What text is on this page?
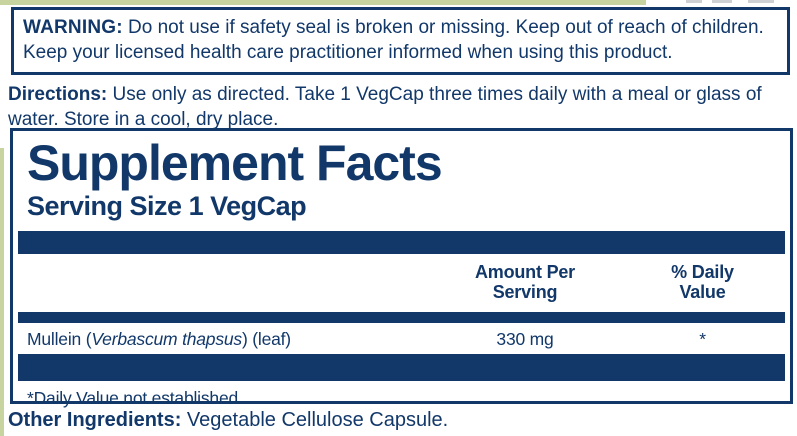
WARNING: Do not use if safety seal is broken or missing. Keep out of reach of children. Keep your licensed health care practitioner informed when using this product.
Directions: Use only as directed. Take 1 VegCap three times daily with a meal or glass of water. Store in a cool, dry place.
Supplement Facts
Serving Size 1 VegCap
Amount Per
Serving
% Daily
Value
Mullein (Verbascum thapsus) (leaf)	330 mg	*
*Daily Value not established.
Other Ingredients: Vegetable Cellulose Capsule.
